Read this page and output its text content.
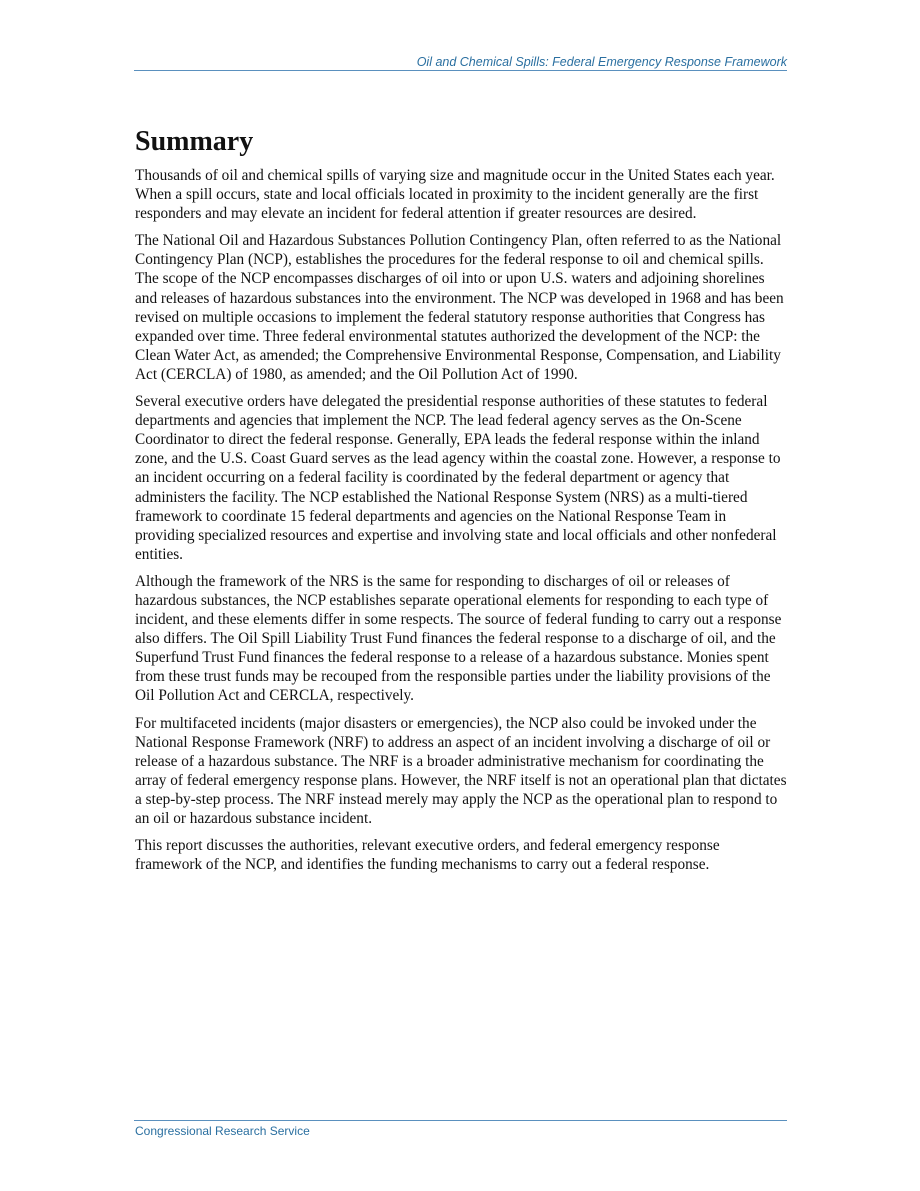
Oil and Chemical Spills: Federal Emergency Response Framework
Summary

Thousands of oil and chemical spills of varying size and magnitude occur in the United States each year. When a spill occurs, state and local officials located in proximity to the incident generally are the first responders and may elevate an incident for federal attention if greater resources are desired.

The National Oil and Hazardous Substances Pollution Contingency Plan, often referred to as the National Contingency Plan (NCP), establishes the procedures for the federal response to oil and chemical spills. The scope of the NCP encompasses discharges of oil into or upon U.S. waters and adjoining shorelines and releases of hazardous substances into the environment. The NCP was developed in 1968 and has been revised on multiple occasions to implement the federal statutory response authorities that Congress has expanded over time. Three federal environmental statutes authorized the development of the NCP: the Clean Water Act, as amended; the Comprehensive Environmental Response, Compensation, and Liability Act (CERCLA) of 1980, as amended; and the Oil Pollution Act of 1990.

Several executive orders have delegated the presidential response authorities of these statutes to federal departments and agencies that implement the NCP. The lead federal agency serves as the On-Scene Coordinator to direct the federal response. Generally, EPA leads the federal response within the inland zone, and the U.S. Coast Guard serves as the lead agency within the coastal zone. However, a response to an incident occurring on a federal facility is coordinated by the federal department or agency that administers the facility. The NCP established the National Response System (NRS) as a multi-tiered framework to coordinate 15 federal departments and agencies on the National Response Team in providing specialized resources and expertise and involving state and local officials and other nonfederal entities.

Although the framework of the NRS is the same for responding to discharges of oil or releases of hazardous substances, the NCP establishes separate operational elements for responding to each type of incident, and these elements differ in some respects. The source of federal funding to carry out a response also differs. The Oil Spill Liability Trust Fund finances the federal response to a discharge of oil, and the Superfund Trust Fund finances the federal response to a release of a hazardous substance. Monies spent from these trust funds may be recouped from the responsible parties under the liability provisions of the Oil Pollution Act and CERCLA, respectively.

For multifaceted incidents (major disasters or emergencies), the NCP also could be invoked under the National Response Framework (NRF) to address an aspect of an incident involving a discharge of oil or release of a hazardous substance. The NRF is a broader administrative mechanism for coordinating the array of federal emergency response plans. However, the NRF itself is not an operational plan that dictates a step-by-step process. The NRF instead merely may apply the NCP as the operational plan to respond to an oil or hazardous substance incident.

This report discusses the authorities, relevant executive orders, and federal emergency response framework of the NCP, and identifies the funding mechanisms to carry out a federal response.

Congressional Research Service
